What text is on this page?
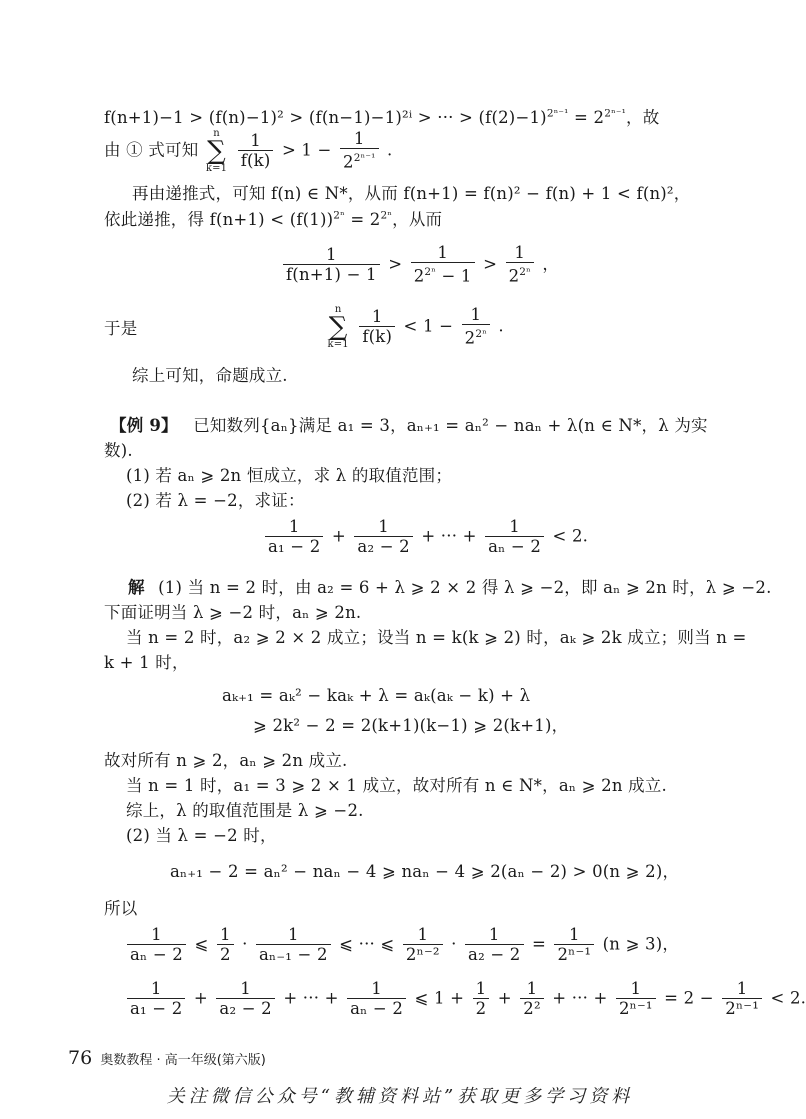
f(n+1)−1 > (f(n)−1)² > (f(n−1)−1)²ⁱ > ··· > $(f(2)-1)^{2^{n-1}} = 2^{2^{n-1}}$，故
由 ① 式可知 n
∑
$k=1 \frac{1}{f(k)} > 1 - \frac{1}{2^{2^{n-1}}}$ .
再由递推式，可知 f(n) ∈ N*，从而 f(n+1) = f(n)² − f(n) + 1 < f(n)²，
依此递推，得 $f(n+1) < (f(1))^{2^n} = 2^{2^n}$，从而
$\frac{1}{f(n+1) - 1} > \frac{1}{2^{2^n} - 1} > \frac{1}{2^{2^n}}$ ，
于是 n
∑
$k=1 \frac{1}{f(k)} < 1 - \frac{1}{2^{2^n}}$ .
综上可知，命题成立.
【例 9】 已知数列{aₙ}满足 a₁ = 3，aₙ₊₁ = aₙ² − naₙ + λ(n ∈ N*，λ 为实
数).
(1) 若 aₙ ⩾ 2n 恒成立，求 λ 的取值范围；
(2) 若 λ = −2，求证：
$\frac{1}{\text{a₁ − 2}} + \frac{1}{\text{a₂ − 2}}$ + ··· + $\frac{1}{\text{aₙ − 2}} < 2$.
解 (1) 当 n = 2 时，由 a₂ = 6 + λ ⩾ 2 × 2 得 λ ⩾ −2，即 aₙ ⩾ 2n 时，λ ⩾ −2.
下面证明当 λ ⩾ −2 时，aₙ ⩾ 2n.
当 n = 2 时，a₂ ⩾ 2 × 2 成立；设当 n = k(k ⩾ 2) 时，aₖ ⩾ 2k 成立；则当 n =
k + 1 时，
aₖ₊₁ = aₖ² − kaₖ + λ = aₖ(aₖ − k) + λ
⩾ 2k² − 2 = 2(k+1)(k−1) ⩾ 2(k+1)，
故对所有 n ⩾ 2，aₙ ⩾ 2n 成立.
当 n = 1 时，a₁ = 3 ⩾ 2 × 1 成立，故对所有 n ∈ N*，aₙ ⩾ 2n 成立.
综上，λ 的取值范围是 λ ⩾ −2.
(2) 当 λ = −2 时，
aₙ₊₁ − 2 = aₙ² − naₙ − 4 ⩾ naₙ − 4 ⩾ 2(aₙ − 2) > 0(n ⩾ 2)，
所以
$\frac{1}{\text{aₙ − 2}}$ ⩽ $\frac{1}{2} \cdot \frac{1}{\text{aₙ₋₁ − 2}}$ ⩽ ··· ⩽ $\frac{1}{\text{2ⁿ⁻²}} \cdot \frac{1}{\text{a₂ − 2}} = \frac{1}{\text{2ⁿ⁻¹}} (n$ ⩾ 3)，
$\frac{1}{\text{a₁ − 2}} + \frac{1}{\text{a₂ − 2}}$ + ··· + $\frac{1}{\text{aₙ − 2}}$ ⩽ $1 + \frac{1}{2} + \frac{1}{\text{2²}}$ + ··· + $\frac{1}{\text{2ⁿ⁻¹}} = 2 - \frac{1}{\text{2ⁿ⁻¹}} < 2$.
76 奥数教程 · 高一年级(第六版)
关注微信公众号“教辅资料站”获取更多学习资料
